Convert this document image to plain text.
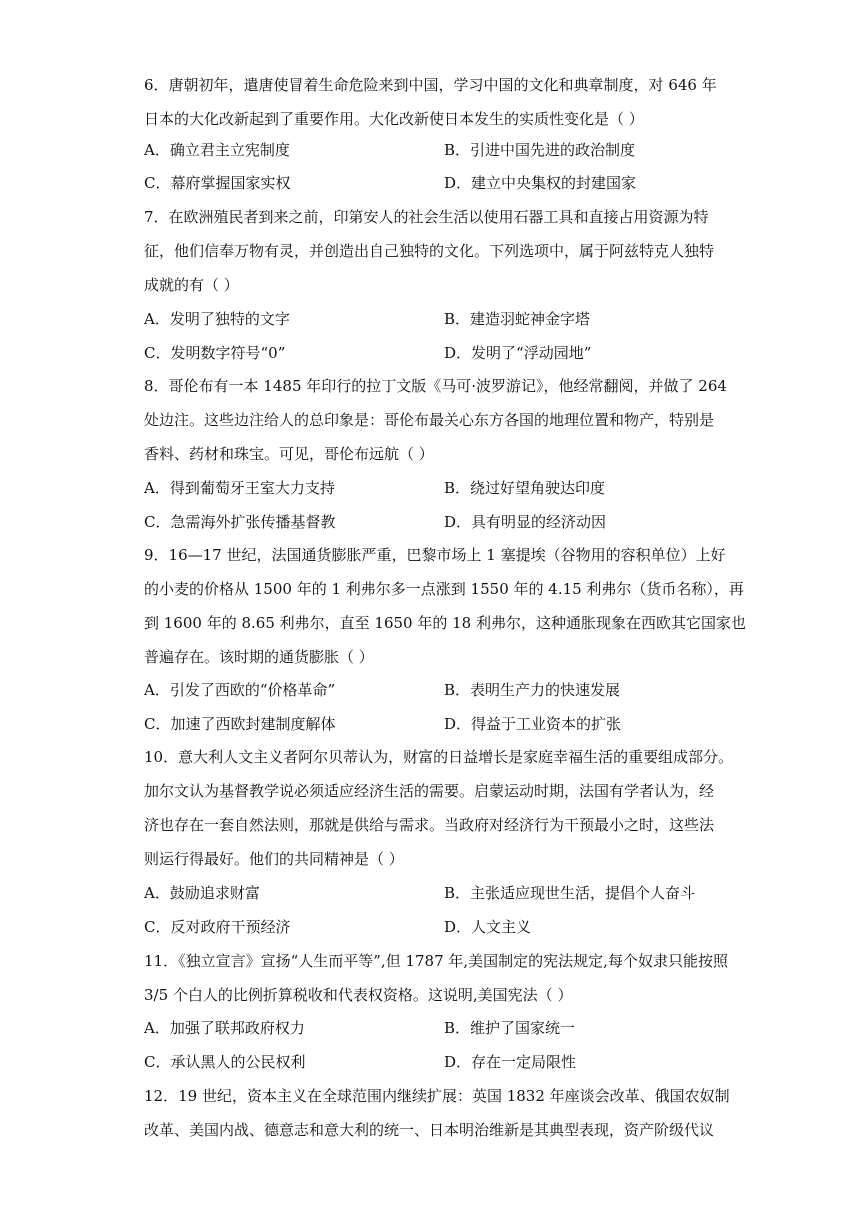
6．唐朝初年，遣唐使冒着生命危险来到中国，学习中国的文化和典章制度，对 646 年
日本的大化改新起到了重要作用。大化改新使日本发生的实质性变化是（ ）
A．确立君主立宪制度	B．引进中国先进的政治制度
C．幕府掌握国家实权	D．建立中央集权的封建国家
7．在欧洲殖民者到来之前，印第安人的社会生活以使用石器工具和直接占用资源为特
征，他们信奉万物有灵，并创造出自己独特的文化。下列选项中，属于阿兹特克人独特
成就的有（ ）
A．发明了独特的文字	B．建造羽蛇神金字塔
C．发明数字符号“0”	D．发明了“浮动园地”
8．哥伦布有一本 1485 年印行的拉丁文版《马可·波罗游记》，他经常翻阅，并做了 264
处边注。这些边注给人的总印象是：哥伦布最关心东方各国的地理位置和物产，特别是
香料、药材和珠宝。可见，哥伦布远航（ ）
A．得到葡萄牙王室大力支持	B．绕过好望角驶达印度
C．急需海外扩张传播基督教	D．具有明显的经济动因
9．16—17 世纪，法国通货膨胀严重，巴黎市场上 1 塞提埃（谷物用的容积单位）上好
的小麦的价格从 1500 年的 1 利弗尔多一点涨到 1550 年的 4.15 利弗尔（货币名称），再
到 1600 年的 8.65 利弗尔，直至 1650 年的 18 利弗尔，这种通胀现象在西欧其它国家也
普遍存在。该时期的通货膨胀（ ）
A．引发了西欧的“价格革命”	B．表明生产力的快速发展
C．加速了西欧封建制度解体	D．得益于工业资本的扩张
10．意大利人文主义者阿尔贝蒂认为，财富的日益增长是家庭幸福生活的重要组成部分。
加尔文认为基督教学说必须适应经济生活的需要。启蒙运动时期，法国有学者认为，经
济也存在一套自然法则，那就是供给与需求。当政府对经济行为干预最小之时，这些法
则运行得最好。他们的共同精神是（ ）
A．鼓励追求财富	B．主张适应现世生活，提倡个人奋斗
C．反对政府干预经济	D．人文主义
11．《独立宣言》宣扬“人生而平等”,但 1787 年,美国制定的宪法规定,每个奴隶只能按照
3/5 个白人的比例折算税收和代表权资格。这说明,美国宪法（ ）
A．加强了联邦政府权力	B．维护了国家统一
C．承认黑人的公民权利	D．存在一定局限性
12．19 世纪，资本主义在全球范围内继续扩展：英国 1832 年座谈会改革、俄国农奴制
改革、美国内战、德意志和意大利的统一、日本明治维新是其典型表现，资产阶级代议
